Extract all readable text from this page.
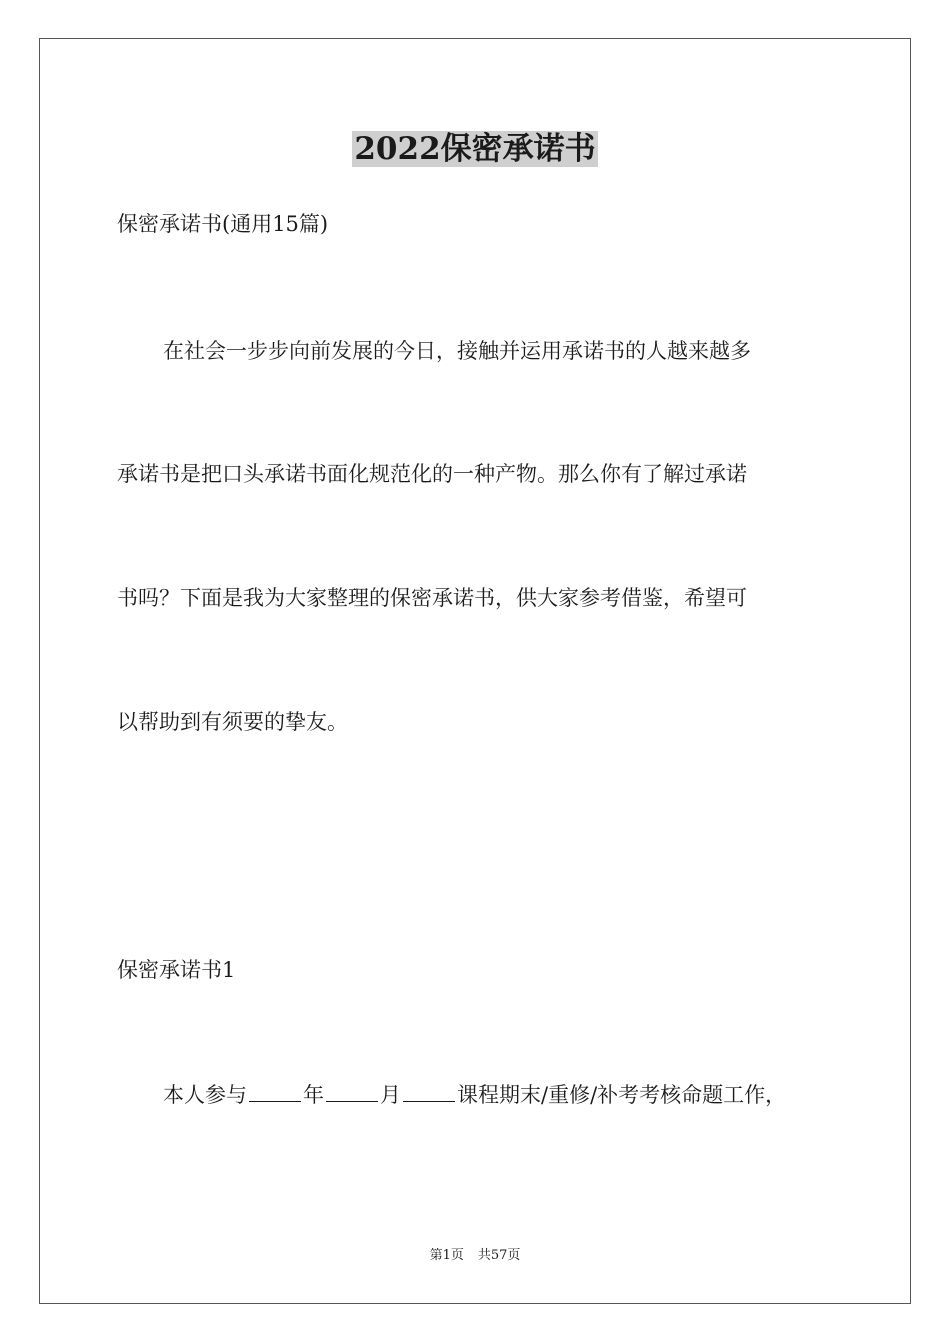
2022保密承诺书

保密承诺书(通用15篇)

在社会一步步向前发展的今日，接触并运用承诺书的人越来越多

承诺书是把口头承诺书面化规范化的一种产物。那么你有了解过承诺

书吗？下面是我为大家整理的保密承诺书，供大家参考借鉴，希望可

以帮助到有须要的挚友。

保密承诺书1

本人参与	年	月	课程期末/重修/补考考核命题工作，

第1页 共57页
